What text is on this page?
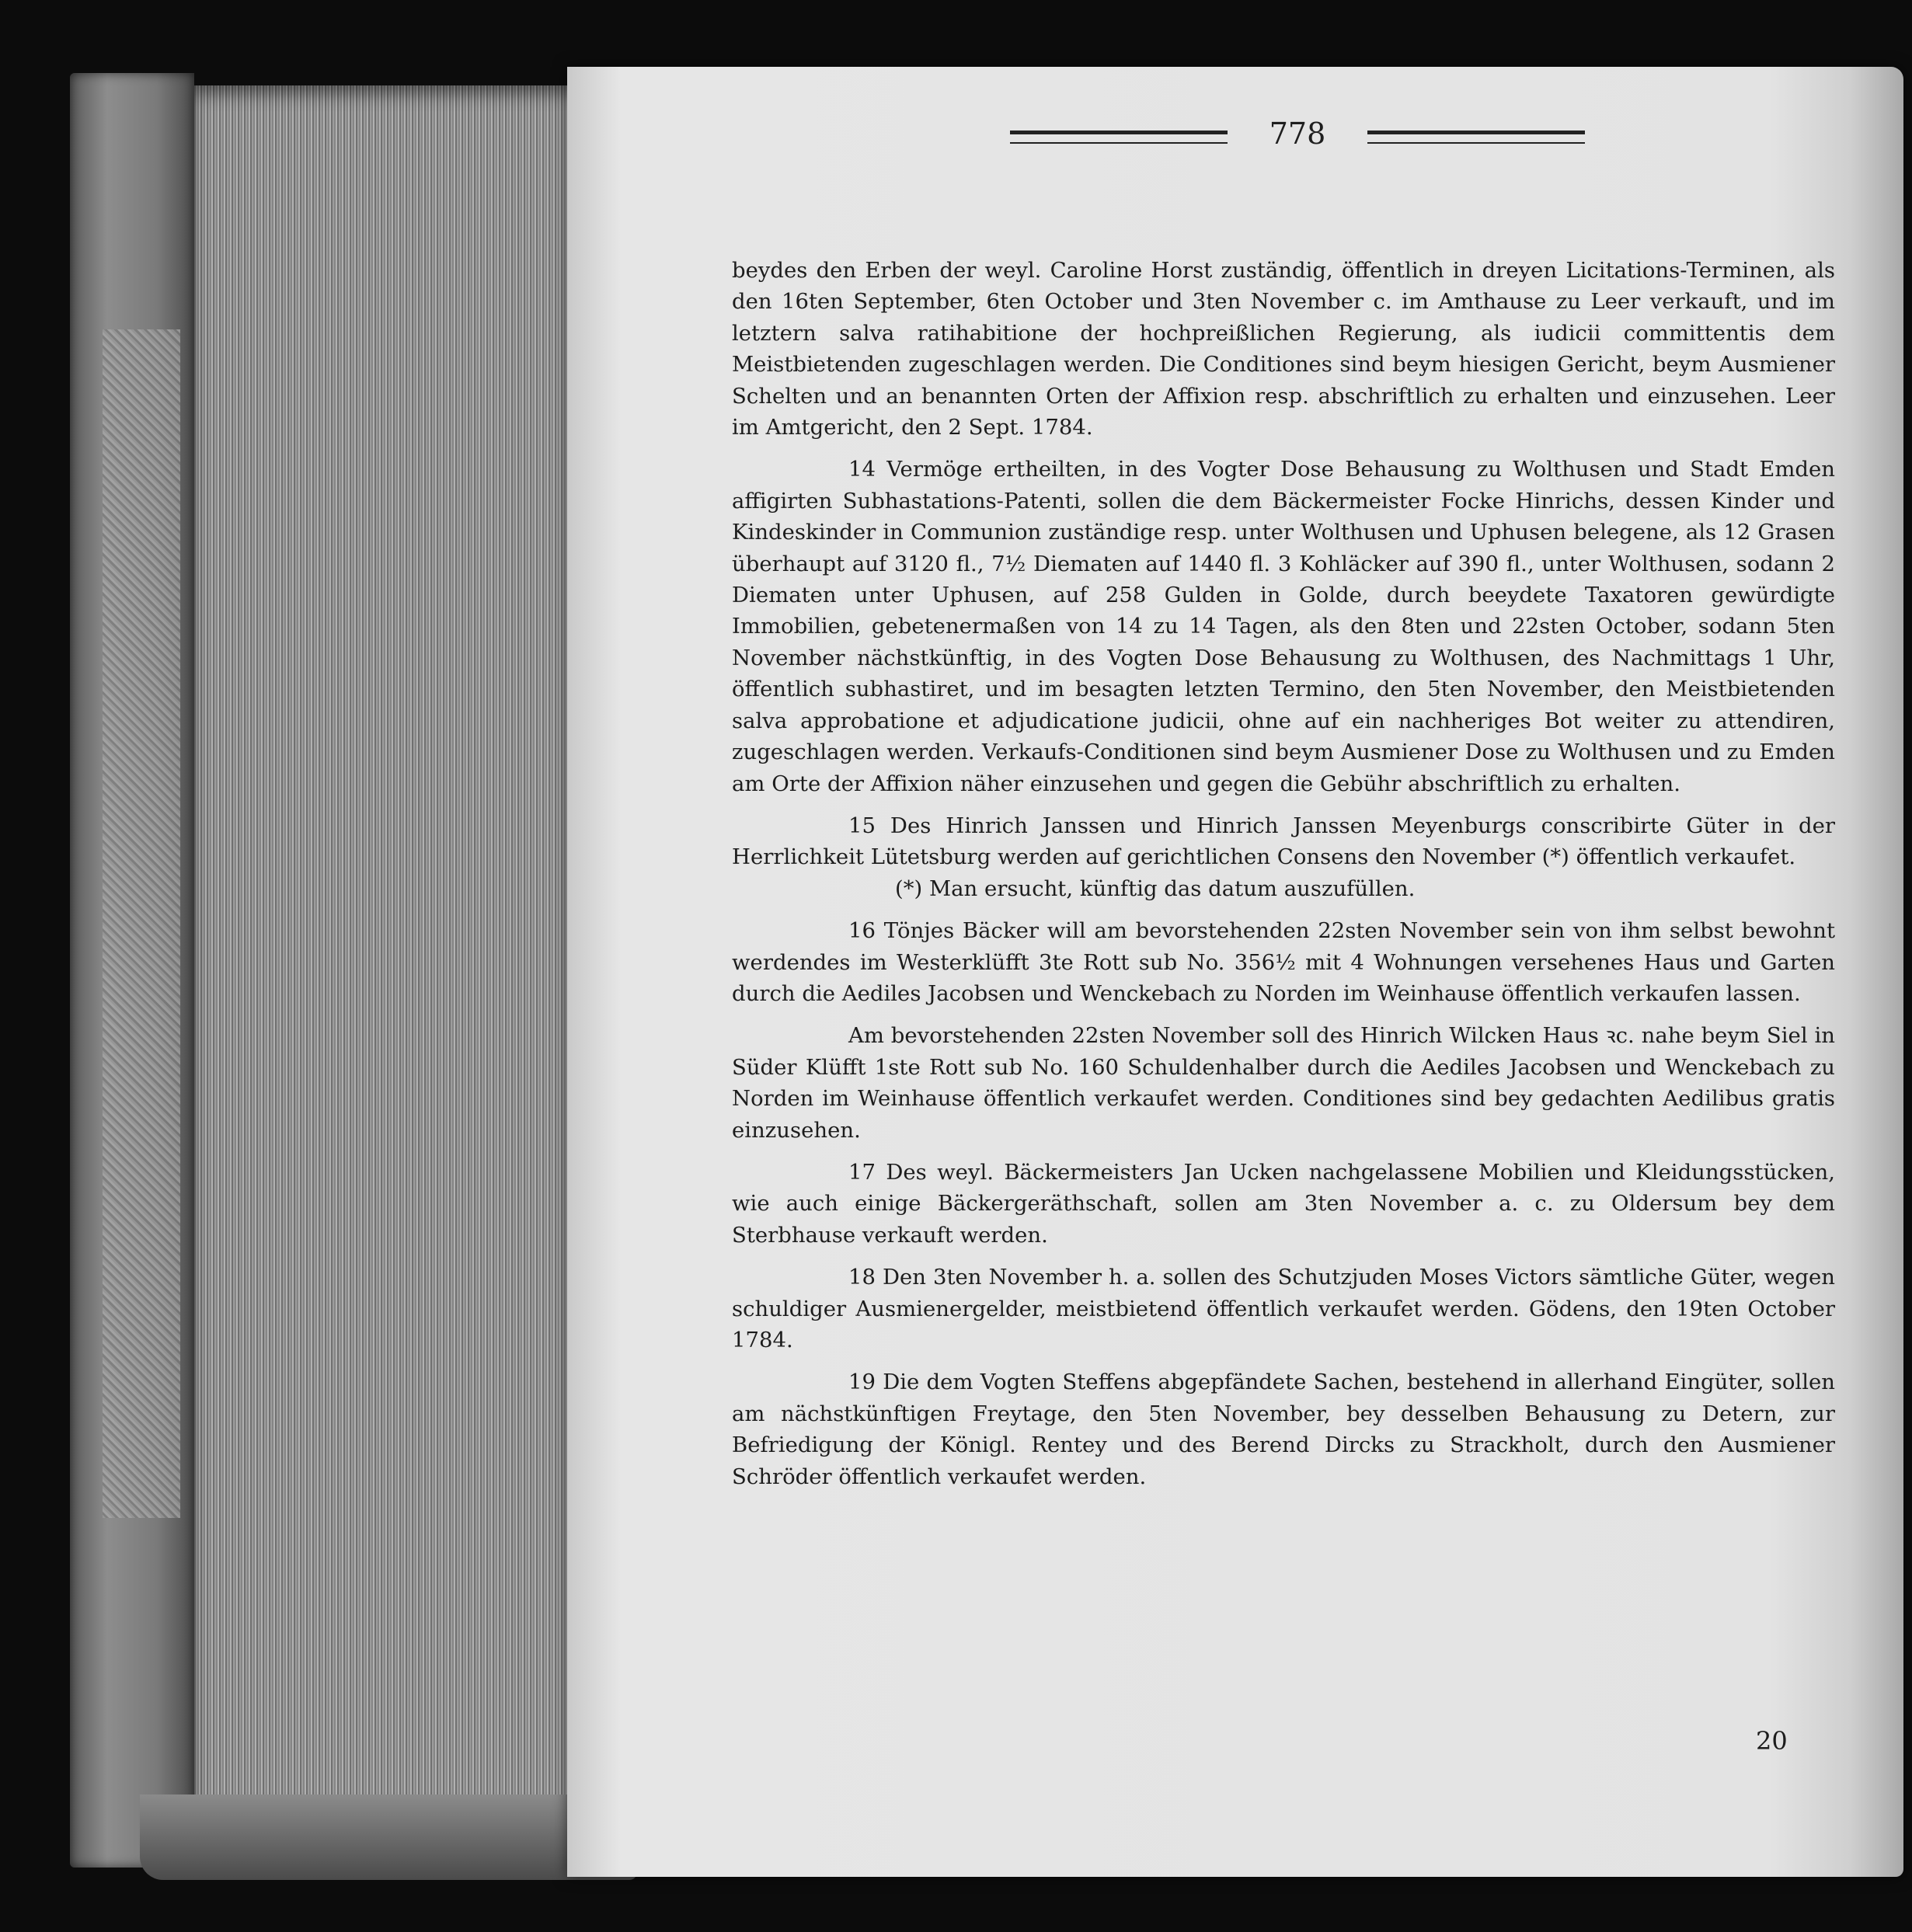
778

beydes den Erben der weyl. Caroline Horst zuständig, öffentlich in dreyen Licitations-Terminen, als den 16ten September, 6ten October und 3ten November c. im Amthause zu Leer verkauft, und im letztern salva ratihabitione der hochpreißlichen Regierung, als iudicii committentis dem Meistbietenden zugeschlagen werden. Die Conditiones sind beym hiesigen Gericht, beym Ausmiener Schelten und an benannten Orten der Affixion resp. abschriftlich zu erhalten und einzusehen. Leer im Amtgericht, den 2 Sept. 1784.

14 Vermöge ertheilten, in des Vogter Dose Behausung zu Wolthusen und Stadt Emden affigirten Subhastations-Patenti, sollen die dem Bäckermeister Focke Hinrichs, dessen Kinder und Kindeskinder in Communion zuständige resp. unter Wolthusen und Uphusen belegene, als 12 Grasen überhaupt auf 3120 fl., 7½ Diematen auf 1440 fl. 3 Kohläcker auf 390 fl., unter Wolthusen, sodann 2 Diematen unter Uphusen, auf 258 Gulden in Golde, durch beeydete Taxatoren gewürdigte Immobilien, gebetenermaßen von 14 zu 14 Tagen, als den 8ten und 22sten October, sodann 5ten November nächstkünftig, in des Vogten Dose Behausung zu Wolthusen, des Nachmittags 1 Uhr, öffentlich subhastiret, und im besagten letzten Termino, den 5ten November, den Meistbietenden salva approbatione et adjudicatione judicii, ohne auf ein nachheriges Bot weiter zu attendiren, zugeschlagen werden. Verkaufs-Conditionen sind beym Ausmiener Dose zu Wolthusen und zu Emden am Orte der Affixion näher einzusehen und gegen die Gebühr abschriftlich zu erhalten.

15 Des Hinrich Janssen und Hinrich Janssen Meyenburgs conscribirte Güter in der Herrlichkeit Lütetsburg werden auf gerichtlichen Consens den November (*) öffentlich verkaufet.

(*) Man ersucht, künftig das datum auszufüllen.

16 Tönjes Bäcker will am bevorstehenden 22sten November sein von ihm selbst bewohnt werdendes im Westerklüfft 3te Rott sub No. 356½ mit 4 Wohnungen versehenes Haus und Garten durch die Aediles Jacobsen und Wenckebach zu Norden im Weinhause öffentlich verkaufen lassen.

Am bevorstehenden 22sten November soll des Hinrich Wilcken Haus ꝛc. nahe beym Siel in Süder Klüfft 1ste Rott sub No. 160 Schuldenhalber durch die Aediles Jacobsen und Wenckebach zu Norden im Weinhause öffentlich verkaufet werden. Conditiones sind bey gedachten Aedilibus gratis einzusehen.

17 Des weyl. Bäckermeisters Jan Ucken nachgelassene Mobilien und Kleidungsstücken, wie auch einige Bäckergeräthschaft, sollen am 3ten November a. c. zu Oldersum bey dem Sterbhause verkauft werden.

18 Den 3ten November h. a. sollen des Schutzjuden Moses Victors sämtliche Güter, wegen schuldiger Ausmienergelder, meistbietend öffentlich verkaufet werden. Gödens, den 19ten October 1784.

19 Die dem Vogten Steffens abgepfändete Sachen, bestehend in allerhand Eingüter, sollen am nächstkünftigen Freytage, den 5ten November, bey desselben Behausung zu Detern, zur Befriedigung der Königl. Rentey und des Berend Dircks zu Strackholt, durch den Ausmiener Schröder öffentlich verkaufet werden.

20
